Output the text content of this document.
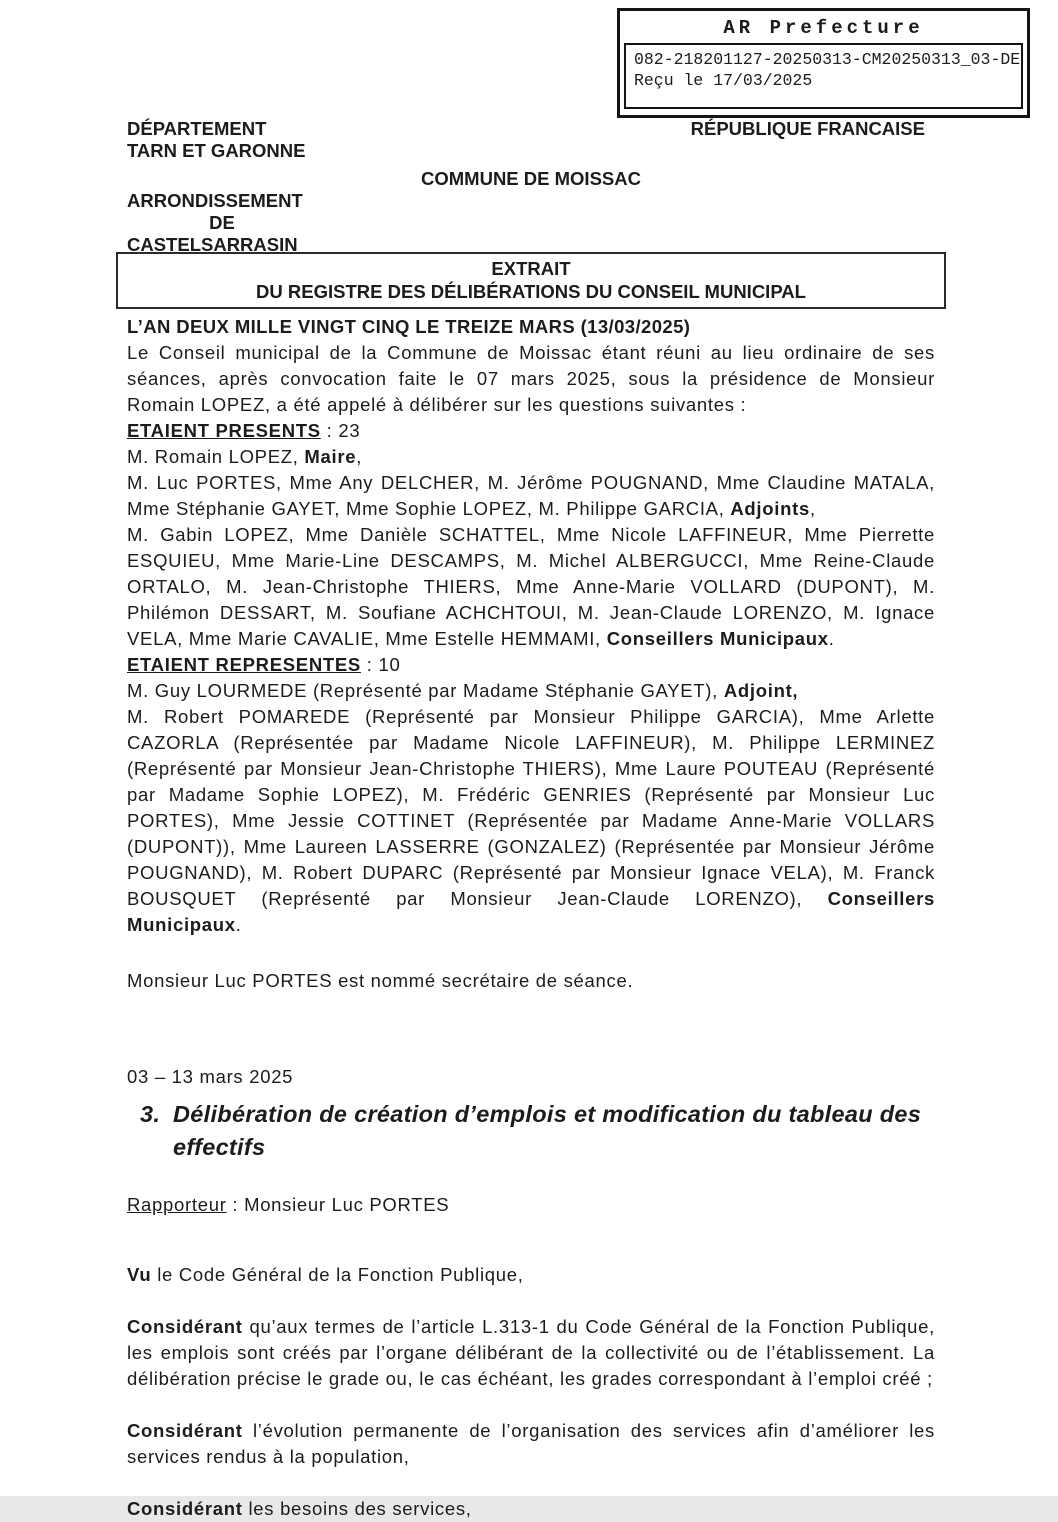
AR Prefecture
082-218201127-20250313-CM20250313_03-DE
Reçu le 17/03/2025
DÉPARTEMENT
TARN ET GARONNE
RÉPUBLIQUE FRANCAISE
COMMUNE DE MOISSAC
ARRONDISSEMENT
DE
CASTELSARRASIN
EXTRAIT
DU REGISTRE DES DÉLIBÉRATIONS DU CONSEIL MUNICIPAL
L’AN DEUX MILLE VINGT CINQ LE TREIZE MARS (13/03/2025)

Le Conseil municipal de la Commune de Moissac étant réuni au lieu ordinaire de ses séances, après convocation faite le 07 mars 2025, sous la présidence de Monsieur Romain LOPEZ, a été appelé à délibérer sur les questions suivantes :

ETAIENT PRESENTS : 23

M. Romain LOPEZ, Maire,

M. Luc PORTES, Mme Any DELCHER, M. Jérôme POUGNAND, Mme Claudine MATALA, Mme Stéphanie GAYET, Mme Sophie LOPEZ, M. Philippe GARCIA, Adjoints,

M. Gabin LOPEZ, Mme Danièle SCHATTEL, Mme Nicole LAFFINEUR, Mme Pierrette ESQUIEU, Mme Marie-Line DESCAMPS, M. Michel ALBERGUCCI, Mme Reine-Claude ORTALO, M. Jean-Christophe THIERS, Mme Anne-Marie VOLLARD (DUPONT), M. Philémon DESSART, M. Soufiane ACHCHTOUI, M. Jean-Claude LORENZO, M. Ignace VELA, Mme Marie CAVALIE, Mme Estelle HEMMAMI, Conseillers Municipaux.

ETAIENT REPRESENTES : 10

M. Guy LOURMEDE (Représenté par Madame Stéphanie GAYET), Adjoint,

M. Robert POMAREDE (Représenté par Monsieur Philippe GARCIA), Mme Arlette CAZORLA (Représentée par Madame Nicole LAFFINEUR), M. Philippe LERMINEZ (Représenté par Monsieur Jean-Christophe THIERS), Mme Laure POUTEAU (Représenté par Madame Sophie LOPEZ), M. Frédéric GENRIES (Représenté par Monsieur Luc PORTES), Mme Jessie COTTINET (Représentée par Madame Anne-Marie VOLLARS (DUPONT)), Mme Laureen LASSERRE (GONZALEZ) (Représentée par Monsieur Jérôme POUGNAND), M. Robert DUPARC (Représenté par Monsieur Ignace VELA), M. Franck BOUSQUET (Représenté par Monsieur Jean-Claude LORENZO), Conseillers Municipaux.

Monsieur Luc PORTES est nommé secrétaire de séance.

03 – 13 mars 2025
3. Délibération de création d’emplois et modification du tableau des effectifs
Rapporteur : Monsieur Luc PORTES

Vu le Code Général de la Fonction Publique,

Considérant qu’aux termes de l’article L.313-1 du Code Général de la Fonction Publique, les emplois sont créés par l’organe délibérant de la collectivité ou de l’établissement. La délibération précise le grade ou, le cas échéant, les grades correspondant à l’emploi créé ;

Considérant l’évolution permanente de l’organisation des services afin d’améliorer les services rendus à la population,

Considérant les besoins des services,
